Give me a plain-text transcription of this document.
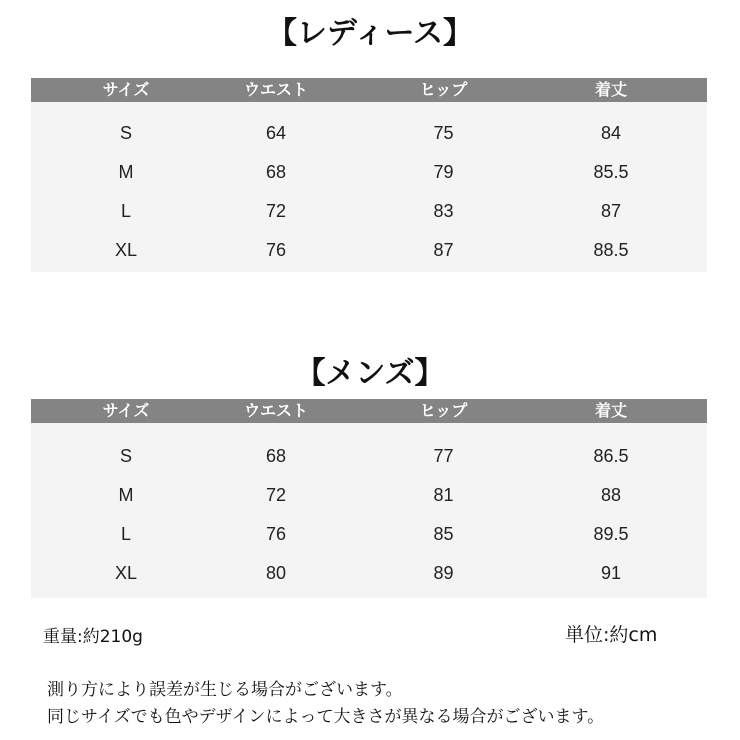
【レディース】
サイズ	ウエスト	ヒップ	着丈
S	64	75	84
M	68	79	85.5
L	72	83	87
XL	76	87	88.5
【メンズ】
サイズ	ウエスト	ヒップ	着丈
S	68	77	86.5
M	72	81	88
L	76	85	89.5
XL	80	89	91
重量:約210g	単位:約cm
測り方により誤差が生じる場合がございます。
同じサイズでも色やデザインによって大きさが異なる場合がございます。
